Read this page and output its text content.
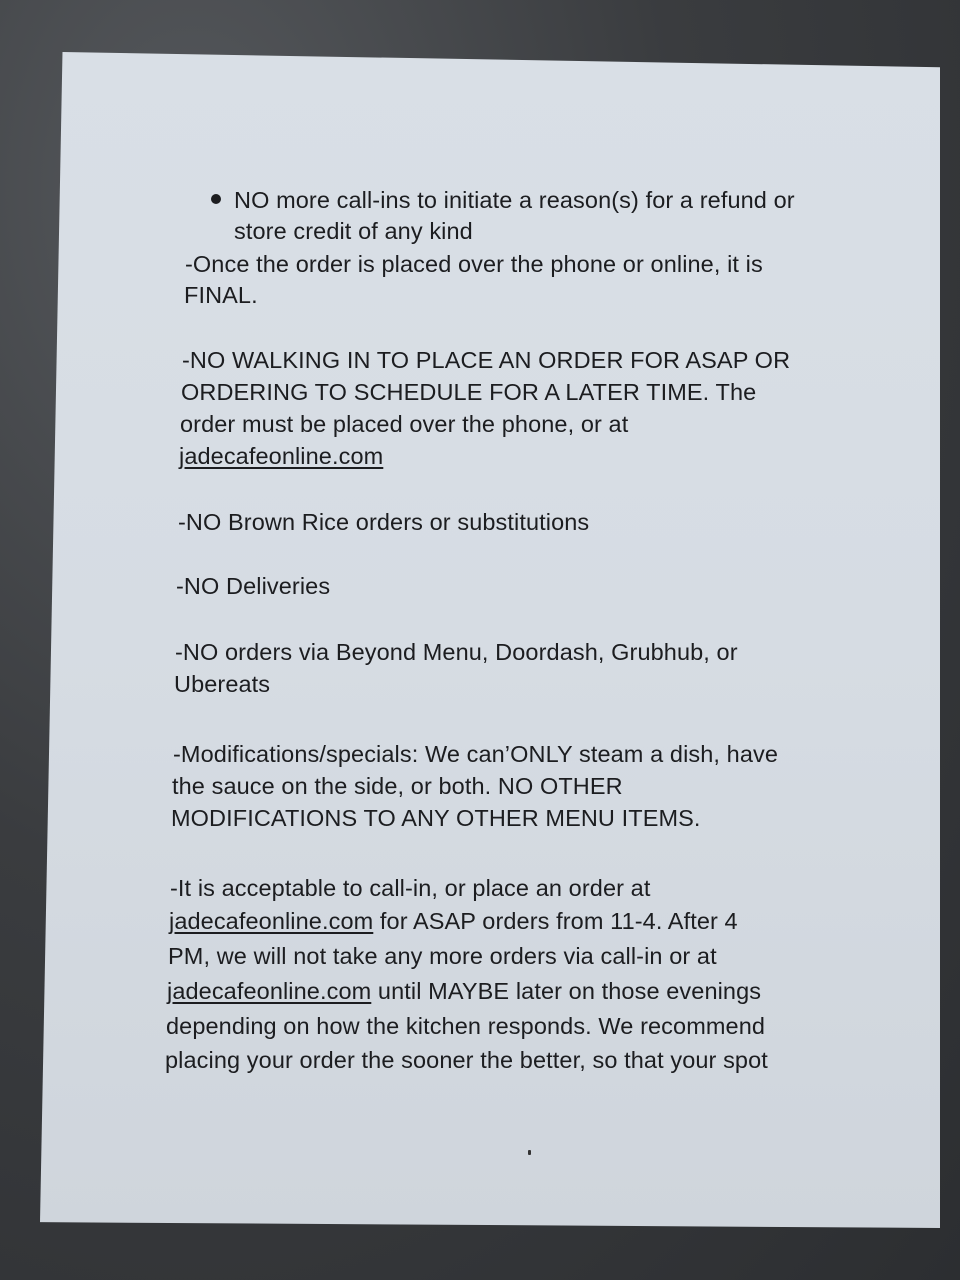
NO more call-ins to initiate a reason(s) for a refund or
store credit of any kind
-Once the order is placed over the phone or online, it is
FINAL.
-NO WALKING IN TO PLACE AN ORDER FOR ASAP OR
ORDERING TO SCHEDULE FOR A LATER TIME. The
order must be placed over the phone, or at
jadecafeonline.com
-NO Brown Rice orders or substitutions
-NO Deliveries
-NO orders via Beyond Menu, Doordash, Grubhub, or
Ubereats
-Modifications/specials: We can’ONLY steam a dish, have
the sauce on the side, or both. NO OTHER
MODIFICATIONS TO ANY OTHER MENU ITEMS.
-It is acceptable to call-in, or place an order at
jadecafeonline.com for ASAP orders from 11-4. After 4
PM, we will not take any more orders via call-in or at
jadecafeonline.com until MAYBE later on those evenings
depending on how the kitchen responds. We recommend
placing your order the sooner the better, so that your spot
